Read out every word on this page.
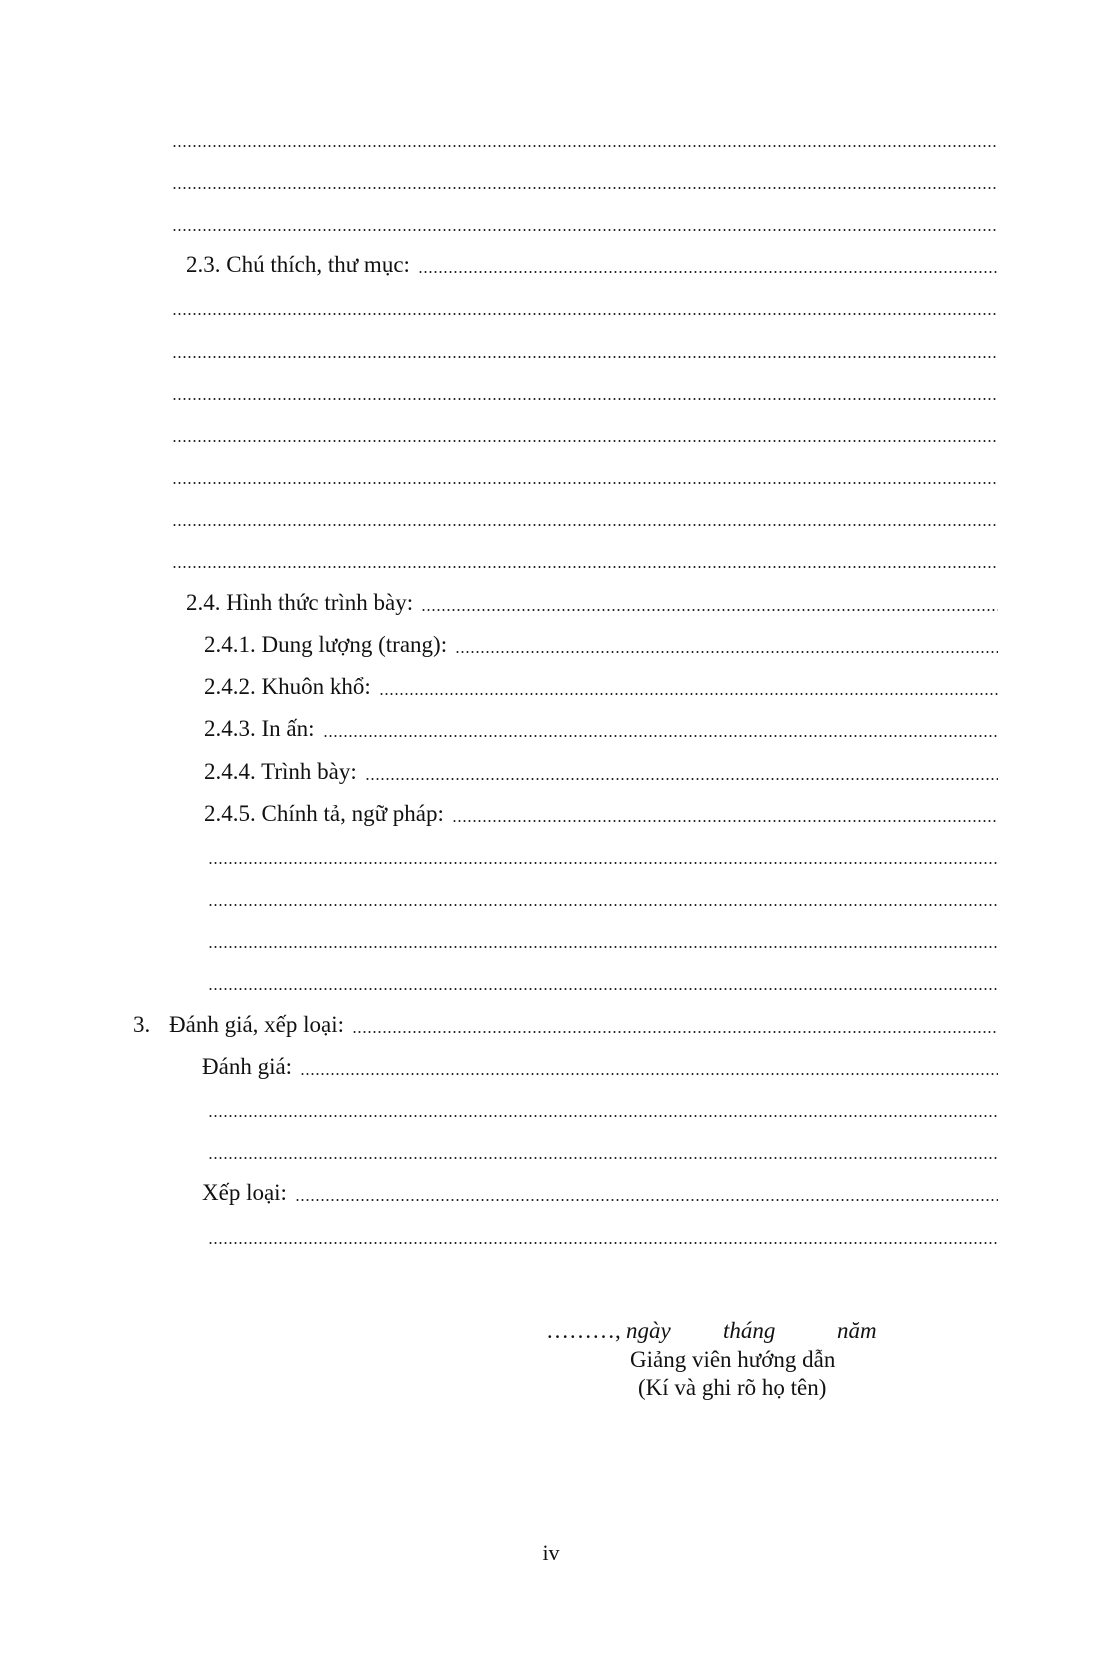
2.3. Chú thích, thư mục:
2.4. Hình thức trình bày:
2.4.1. Dung lượng (trang):
2.4.2. Khuôn khổ:
2.4.3. In ấn:
2.4.4. Trình bày:
2.4.5. Chính tả, ngữ pháp:
3. Đánh giá, xếp loại:
Đánh giá:
Xếp loại:
………, ngày tháng	năm
Giảng viên hướng dẫn
(Kí và ghi rõ họ tên)
iv
